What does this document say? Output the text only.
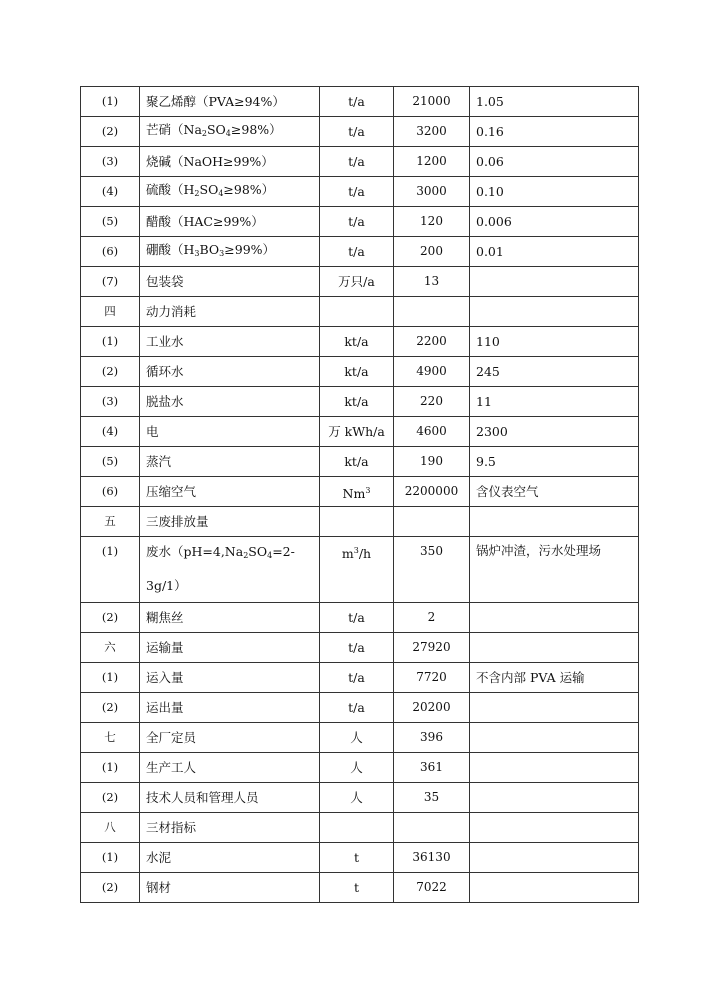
(1)	聚乙烯醇（PVA≥94%）	t/a	21000	1.05
(2)	芒硝$(Na_2SO_4\ge 98\%)$	t/a	3200	0.16
(3)	烧碱（NaOH≥99%）	t/a	1200	0.06
(4)	硫酸$(H_2SO_4\ge 98\%)$	t/a	3000	0.10
(5)	醋酸（HAC≥99%）	t/a	120	0.006
(6)	硼酸$(H_3BO_3\ge 99\%)$	t/a	200	0.01
(7)	包装袋	万只/a	13	
四	动力消耗			
(1)	工业水	kt/a	2200	110
(2)	循环水	kt/a	4900	245
(3)	脱盐水	kt/a	220	11
(4)	电	万 kWh/a	4600	2300
(5)	蒸汽	kt/a	190	9.5
(6)	压缩空气	Nm$^3$	2200000	含仪表空气
五	三废排放量			
(1)	废水$(pH=4,Na_2SO_4=2-3g/1)$	$m^3/h$	350	锅炉冲渣，污水处理场
(2)	糊焦丝	t/a	2	
六	运输量	t/a	27920	
(1)	运入量	t/a	7720	不含内部 PVA 运输
(2)	运出量	t/a	20200	
七	全厂定员	人	396	
(1)	生产工人	人	361	
(2)	技术人员和管理人员	人	35	
八	三材指标			
(1)	水泥	t	36130	
(2)	钢材	t	7022	
